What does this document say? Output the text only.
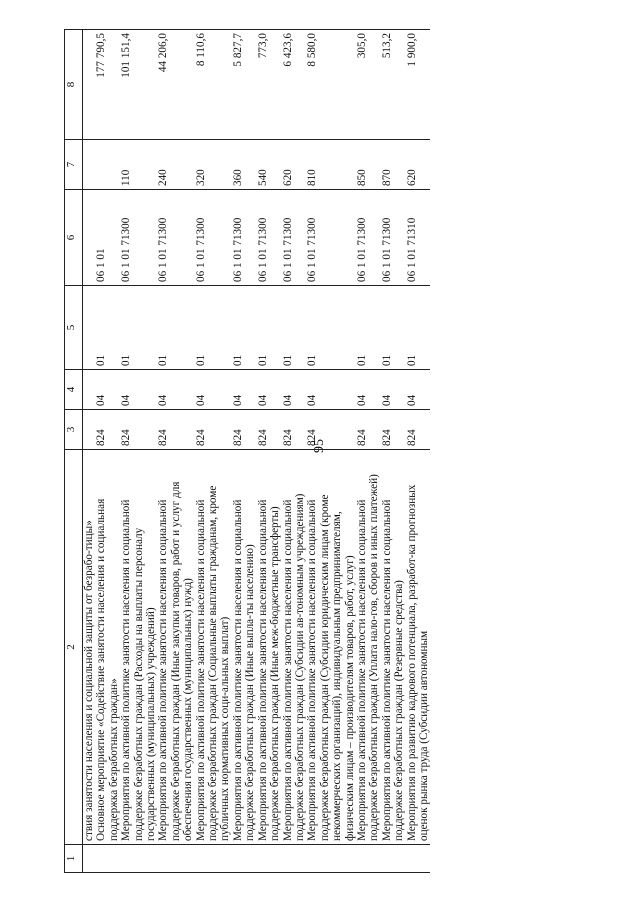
95
1	2	3	4	5	6	7	8
	ствия занятости населения и социальной защиты от безрабо-тицы»						
	Основное мероприятие «Содействие занятости населения и социальная поддержка безработных граждан»	824	04	01	06 1 01		177 790,5
	Мероприятия по активной политике занятости населения и социальной поддержке безработных граждан (Расходы на выплаты персоналу государственных (муниципальных) учреждений)	824	04	01	06 1 01 71300	110	101 151,4
	Мероприятия по активной политике занятости населения и социальной поддержке безработных граждан (Иные закупки товаров, работ и услуг для обеспечения государственных (муниципальных) нужд)	824	04	01	06 1 01 71300	240	44 206,0
	Мероприятия по активной политике занятости населения и социальной поддержке безработных граждан (Социальные выплаты гражданам, кроме публичных нормативных соци-альных выплат)	824	04	01	06 1 01 71300	320	8 110,6
	Мероприятия по активной политике занятости населения и социальной поддержке безработных граждан (Иные выпла-ты населению)	824	04	01	06 1 01 71300	360	5 827,7
	Мероприятия по активной политике занятости населения и социальной поддержке безработных граждан (Иные меж-бюджетные трансферты)	824	04	01	06 1 01 71300	540	773,0
	Мероприятия по активной политике занятости населения и социальной поддержке безработных граждан (Субсидии ав-тономным учреждениям)	824	04	01	06 1 01 71300	620	6 423,6
	Мероприятия по активной политике занятости населения и социальной поддержке безработных граждан (Субсидии юридическим лицам (кроме некоммерческих организаций), индивидуальным предпринимателям, физическим лицам – производителям товаров, работ, услуг)	824	04	01	06 1 01 71300	810	8 580,0
	Мероприятия по активной политике занятости населения и социальной поддержке безработных граждан (Уплата нало-гов, сборов и иных платежей)	824	04	01	06 1 01 71300	850	305,0
	Мероприятия по активной политике занятости населения и социальной поддержке безработных граждан (Резервные средства)	824	04	01	06 1 01 71300	870	513,2
	Мероприятия по развитию кадрового потенциала, разработ-ка прогнозных оценок рынка труда (Субсидии автономным	824	04	01	06 1 01 71310	620	1 900,0
